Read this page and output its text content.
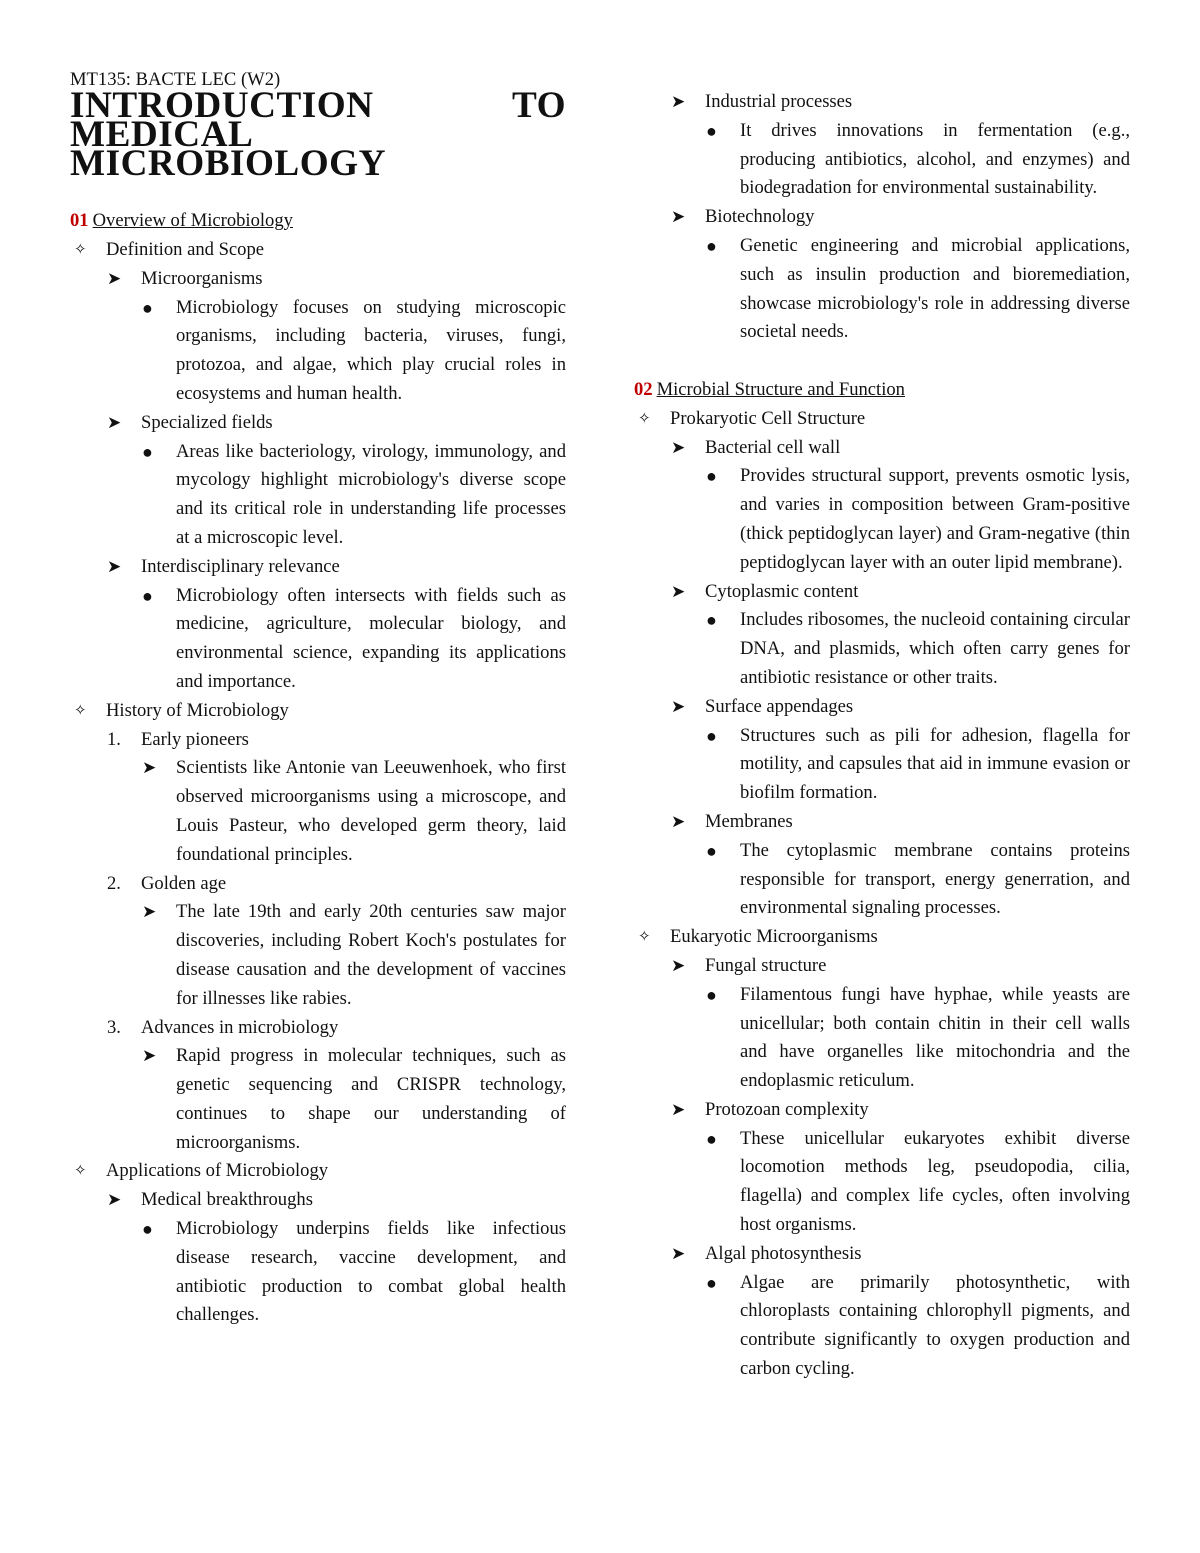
MT135: BACTE LEC (W2)

INTRODUCTION TO MEDICAL
MICROBIOLOGY

01 Overview of Microbiology

✧ Definition and Scope
➤ Microorganisms
● Microbiology focuses on studying microscopic organisms, including bacteria, viruses, fungi, protozoa, and algae, which play crucial roles in ecosystems and human health.
➤ Specialized fields
● Areas like bacteriology, virology, immunology, and mycology highlight microbiology's diverse scope and its critical role in understanding life processes at a microscopic level.
➤ Interdisciplinary relevance
● Microbiology often intersects with fields such as medicine, agriculture, molecular biology, and environmental science, expanding its applications and importance.
✧ History of Microbiology
1. Early pioneers
➤ Scientists like Antonie van Leeuwenhoek, who first observed microorganisms using a microscope, and Louis Pasteur, who developed germ theory, laid foundational principles.
2. Golden age
➤ The late 19th and early 20th centuries saw major discoveries, including Robert Koch's postulates for disease causation and the development of vaccines for illnesses like rabies.
3. Advances in microbiology
➤ Rapid progress in molecular techniques, such as genetic sequencing and CRISPR technology, continues to shape our understanding of microorganisms.
✧ Applications of Microbiology
➤ Medical breakthroughs
● Microbiology underpins fields like infectious disease research, vaccine development, and antibiotic production to combat global health challenges.
➤ Industrial processes
● It drives innovations in fermentation (e.g., producing antibiotics, alcohol, and enzymes) and biodegradation for environmental sustainability.
➤ Biotechnology
● Genetic engineering and microbial applications, such as insulin production and bioremediation, showcase microbiology's role in addressing diverse societal needs.

02 Microbial Structure and Function

✧ Prokaryotic Cell Structure
➤ Bacterial cell wall
● Provides structural support, prevents osmotic lysis, and varies in composition between Gram-positive (thick peptidoglycan layer) and Gram-negative (thin peptidoglycan layer with an outer lipid membrane).
➤ Cytoplasmic content
● Includes ribosomes, the nucleoid containing circular DNA, and plasmids, which often carry genes for antibiotic resistance or other traits.
➤ Surface appendages
● Structures such as pili for adhesion, flagella for motility, and capsules that aid in immune evasion or biofilm formation.
➤ Membranes
● The cytoplasmic membrane contains proteins responsible for transport, energy generration, and environmental signaling processes.
✧ Eukaryotic Microorganisms
➤ Fungal structure
● Filamentous fungi have hyphae, while yeasts are unicellular; both contain chitin in their cell walls and have organelles like mitochondria and the endoplasmic reticulum.
➤ Protozoan complexity
● These unicellular eukaryotes exhibit diverse locomotion methods leg, pseudopodia, cilia, flagella) and complex life cycles, often involving host organisms.
➤ Algal photosynthesis
● Algae are primarily photosynthetic, with chloroplasts containing chlorophyll pigments, and contribute significantly to oxygen production and carbon cycling.
